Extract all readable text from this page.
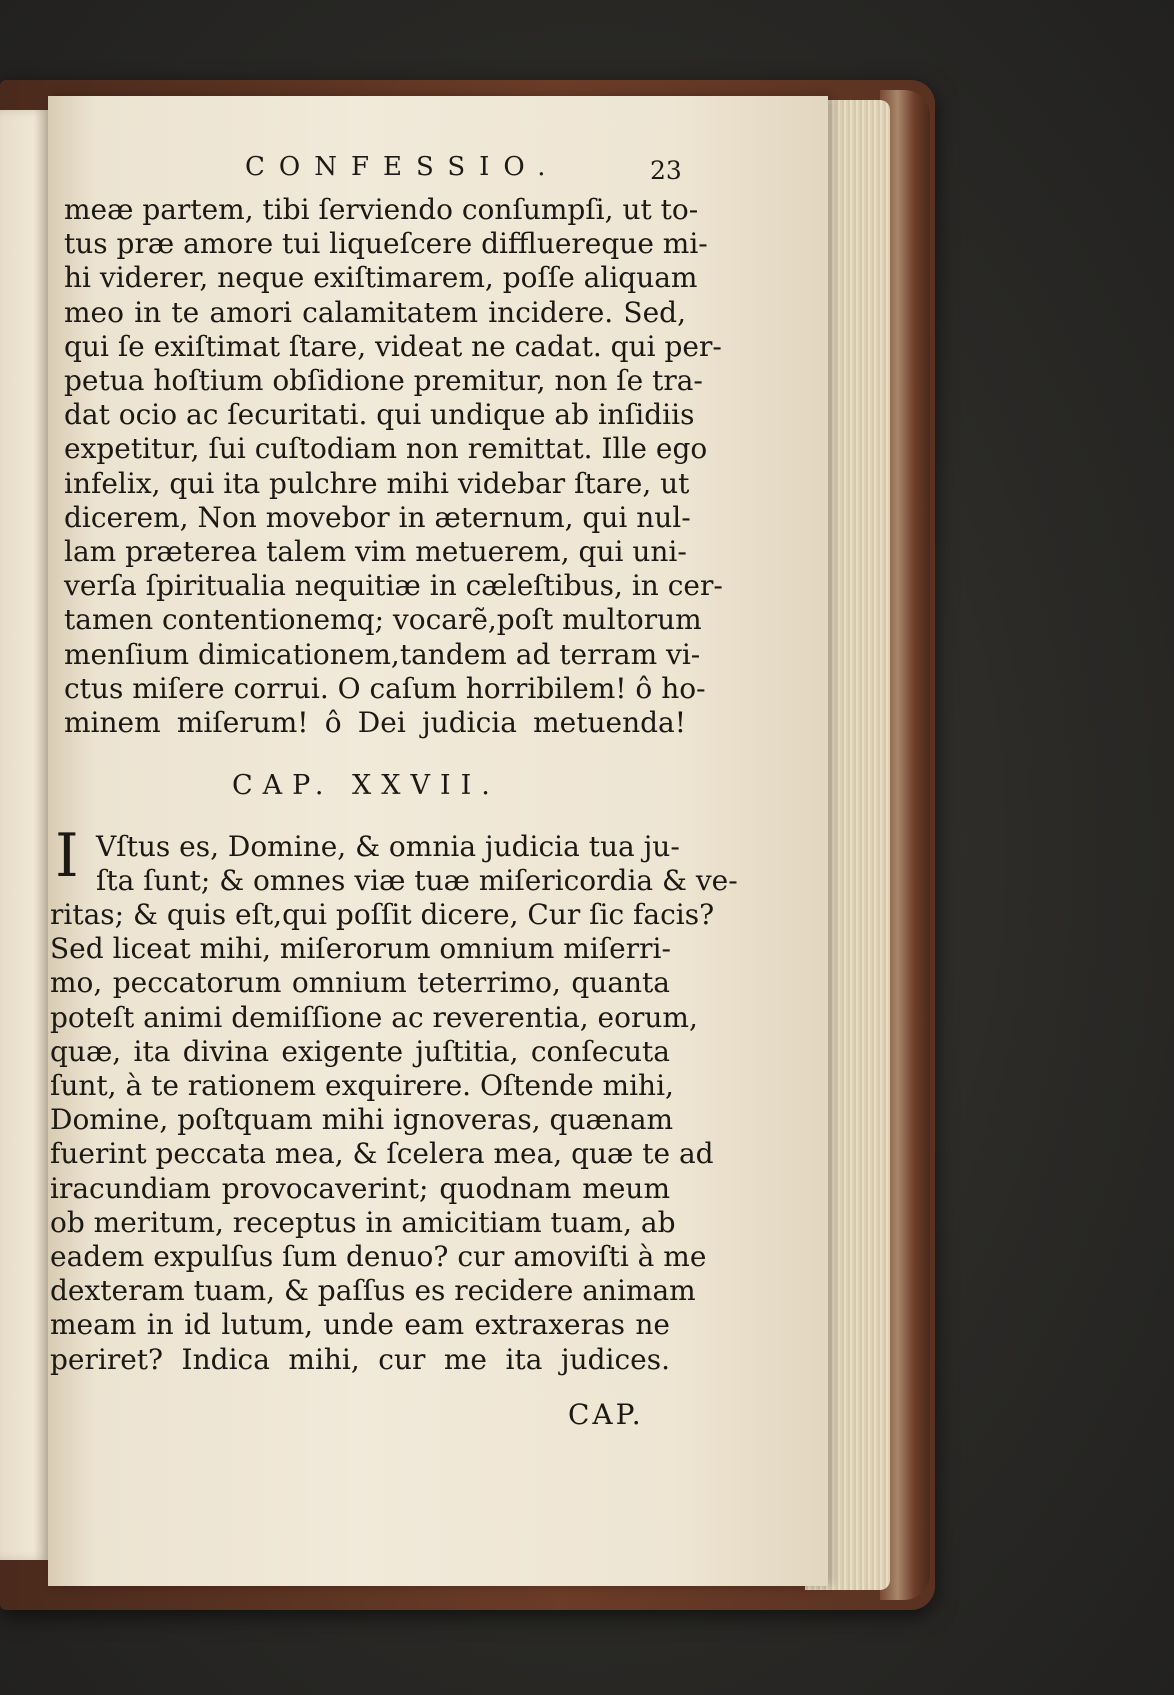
CONFESSIO.	23
meæ partem, tibi ſerviendo conſumpſi, ut to-
tus præ amore tui liqueſcere diffluereque mi-
hi viderer, neque exiſtimarem, poſſe aliquam
meo in te amori calamitatem incidere. Sed,
qui ſe exiſtimat ſtare, videat ne cadat. qui per-
petua hoſtium obſidione premitur, non ſe tra-
dat ocio ac ſecuritati. qui undique ab inſidiis
expetitur, ſui cuſtodiam non remittat. Ille ego
infelix, qui ita pulchre mihi videbar ſtare, ut
dicerem, Non movebor in æternum, qui nul-
lam præterea talem vim metuerem, qui uni-
verſa ſpiritualia nequitiæ in cæleſtibus, in cer-
tamen contentionemq; vocarẽ,poſt multorum
menſium dimicationem,tandem ad terram vi-
ctus miſere corrui. O caſum horribilem! ô ho-
minem miſerum! ô Dei judicia metuenda!
CAP. XXVII.
I Vſtus es, Domine, & omnia judicia tua ju-
ſta ſunt; & omnes viæ tuæ miſericordia & ve-
ritas; & quis eſt,qui poſſit dicere, Cur ſic facis?
Sed liceat mihi, miſerorum omnium miſerri-
mo, peccatorum omnium teterrimo, quanta
poteſt animi demiſſione ac reverentia, eorum,
quæ, ita divina exigente juſtitia, conſecuta
ſunt, à te rationem exquirere. Oſtende mihi,
Domine, poſtquam mihi ignoveras, quænam
fuerint peccata mea, & ſcelera mea, quæ te ad
iracundiam provocaverint; quodnam meum
ob meritum, receptus in amicitiam tuam, ab
eadem expulſus ſum denuo? cur amoviſti à me
dexteram tuam, & paſſus es recidere animam
meam in id lutum, unde eam extraxeras ne
periret? Indica mihi, cur me ita judices.
CAP.
